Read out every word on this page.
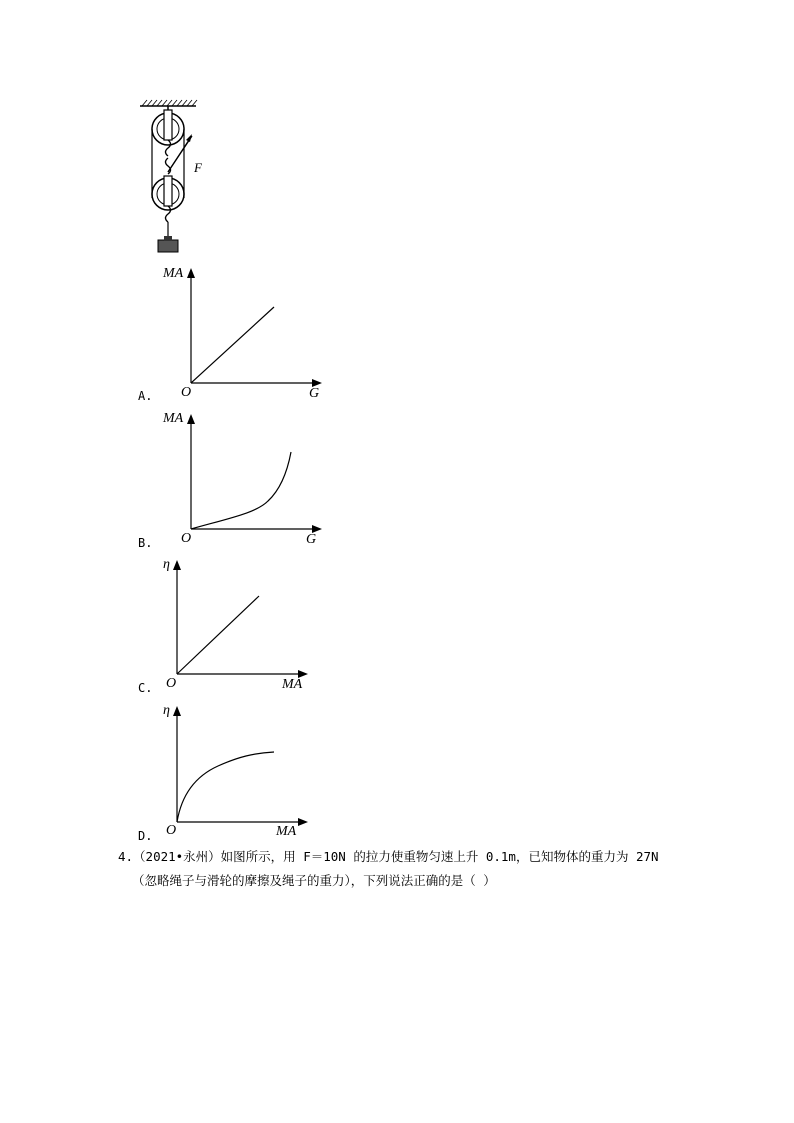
F
A.
MA
O	G
B.
MA
O	G
C.
η
O	MA
D.
η
O	MA
4.（2021•永州）如图所示，用 F＝10N 的拉力使重物匀速上升 0.1m，已知物体的重力为 27N
（忽略绳子与滑轮的摩擦及绳子的重力），下列说法正确的是（ ）
